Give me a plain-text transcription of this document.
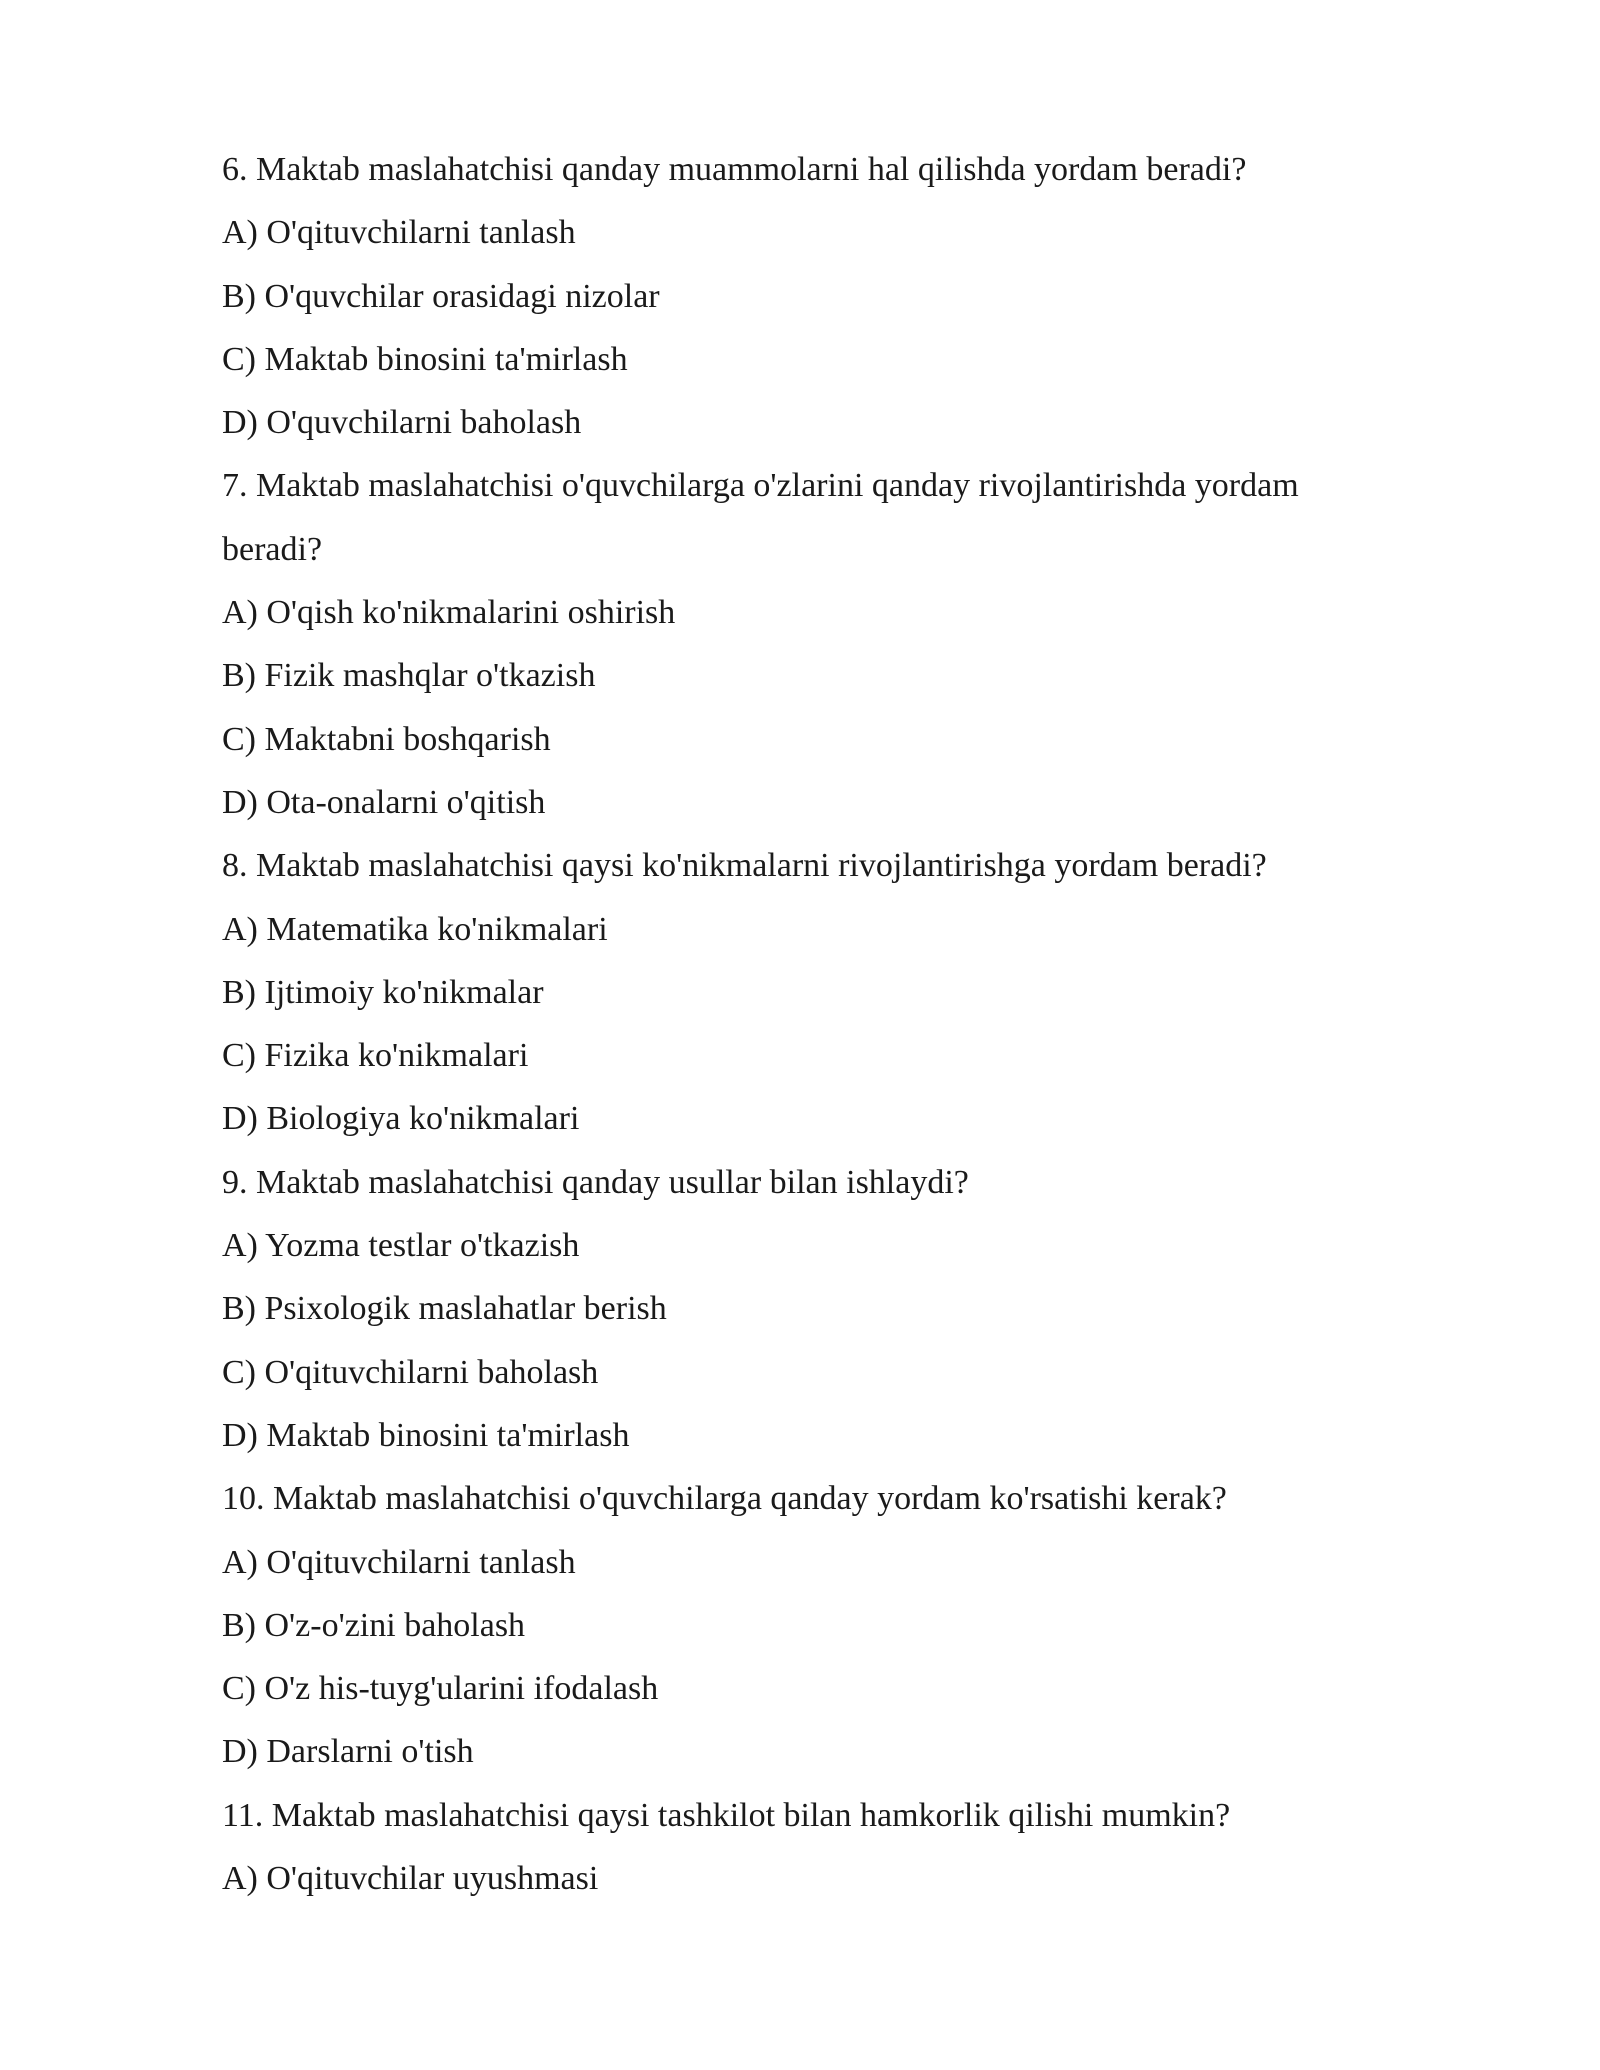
6. Maktab maslahatchisi qanday muammolarni hal qilishda yordam beradi?

A) O'qituvchilarni tanlash

B) O'quvchilar orasidagi nizolar

C) Maktab binosini ta'mirlash

D) O'quvchilarni baholash

7. Maktab maslahatchisi o'quvchilarga o'zlarini qanday rivojlantirishda yordam

beradi?

A) O'qish ko'nikmalarini oshirish

B) Fizik mashqlar o'tkazish

C) Maktabni boshqarish

D) Ota-onalarni o'qitish

8. Maktab maslahatchisi qaysi ko'nikmalarni rivojlantirishga yordam beradi?

A) Matematika ko'nikmalari

B) Ijtimoiy ko'nikmalar

C) Fizika ko'nikmalari

D) Biologiya ko'nikmalari

9. Maktab maslahatchisi qanday usullar bilan ishlaydi?

A) Yozma testlar o'tkazish

B) Psixologik maslahatlar berish

C) O'qituvchilarni baholash

D) Maktab binosini ta'mirlash

10. Maktab maslahatchisi o'quvchilarga qanday yordam ko'rsatishi kerak?

A) O'qituvchilarni tanlash

B) O'z-o'zini baholash

C) O'z his-tuyg'ularini ifodalash

D) Darslarni o'tish

11. Maktab maslahatchisi qaysi tashkilot bilan hamkorlik qilishi mumkin?

A) O'qituvchilar uyushmasi
